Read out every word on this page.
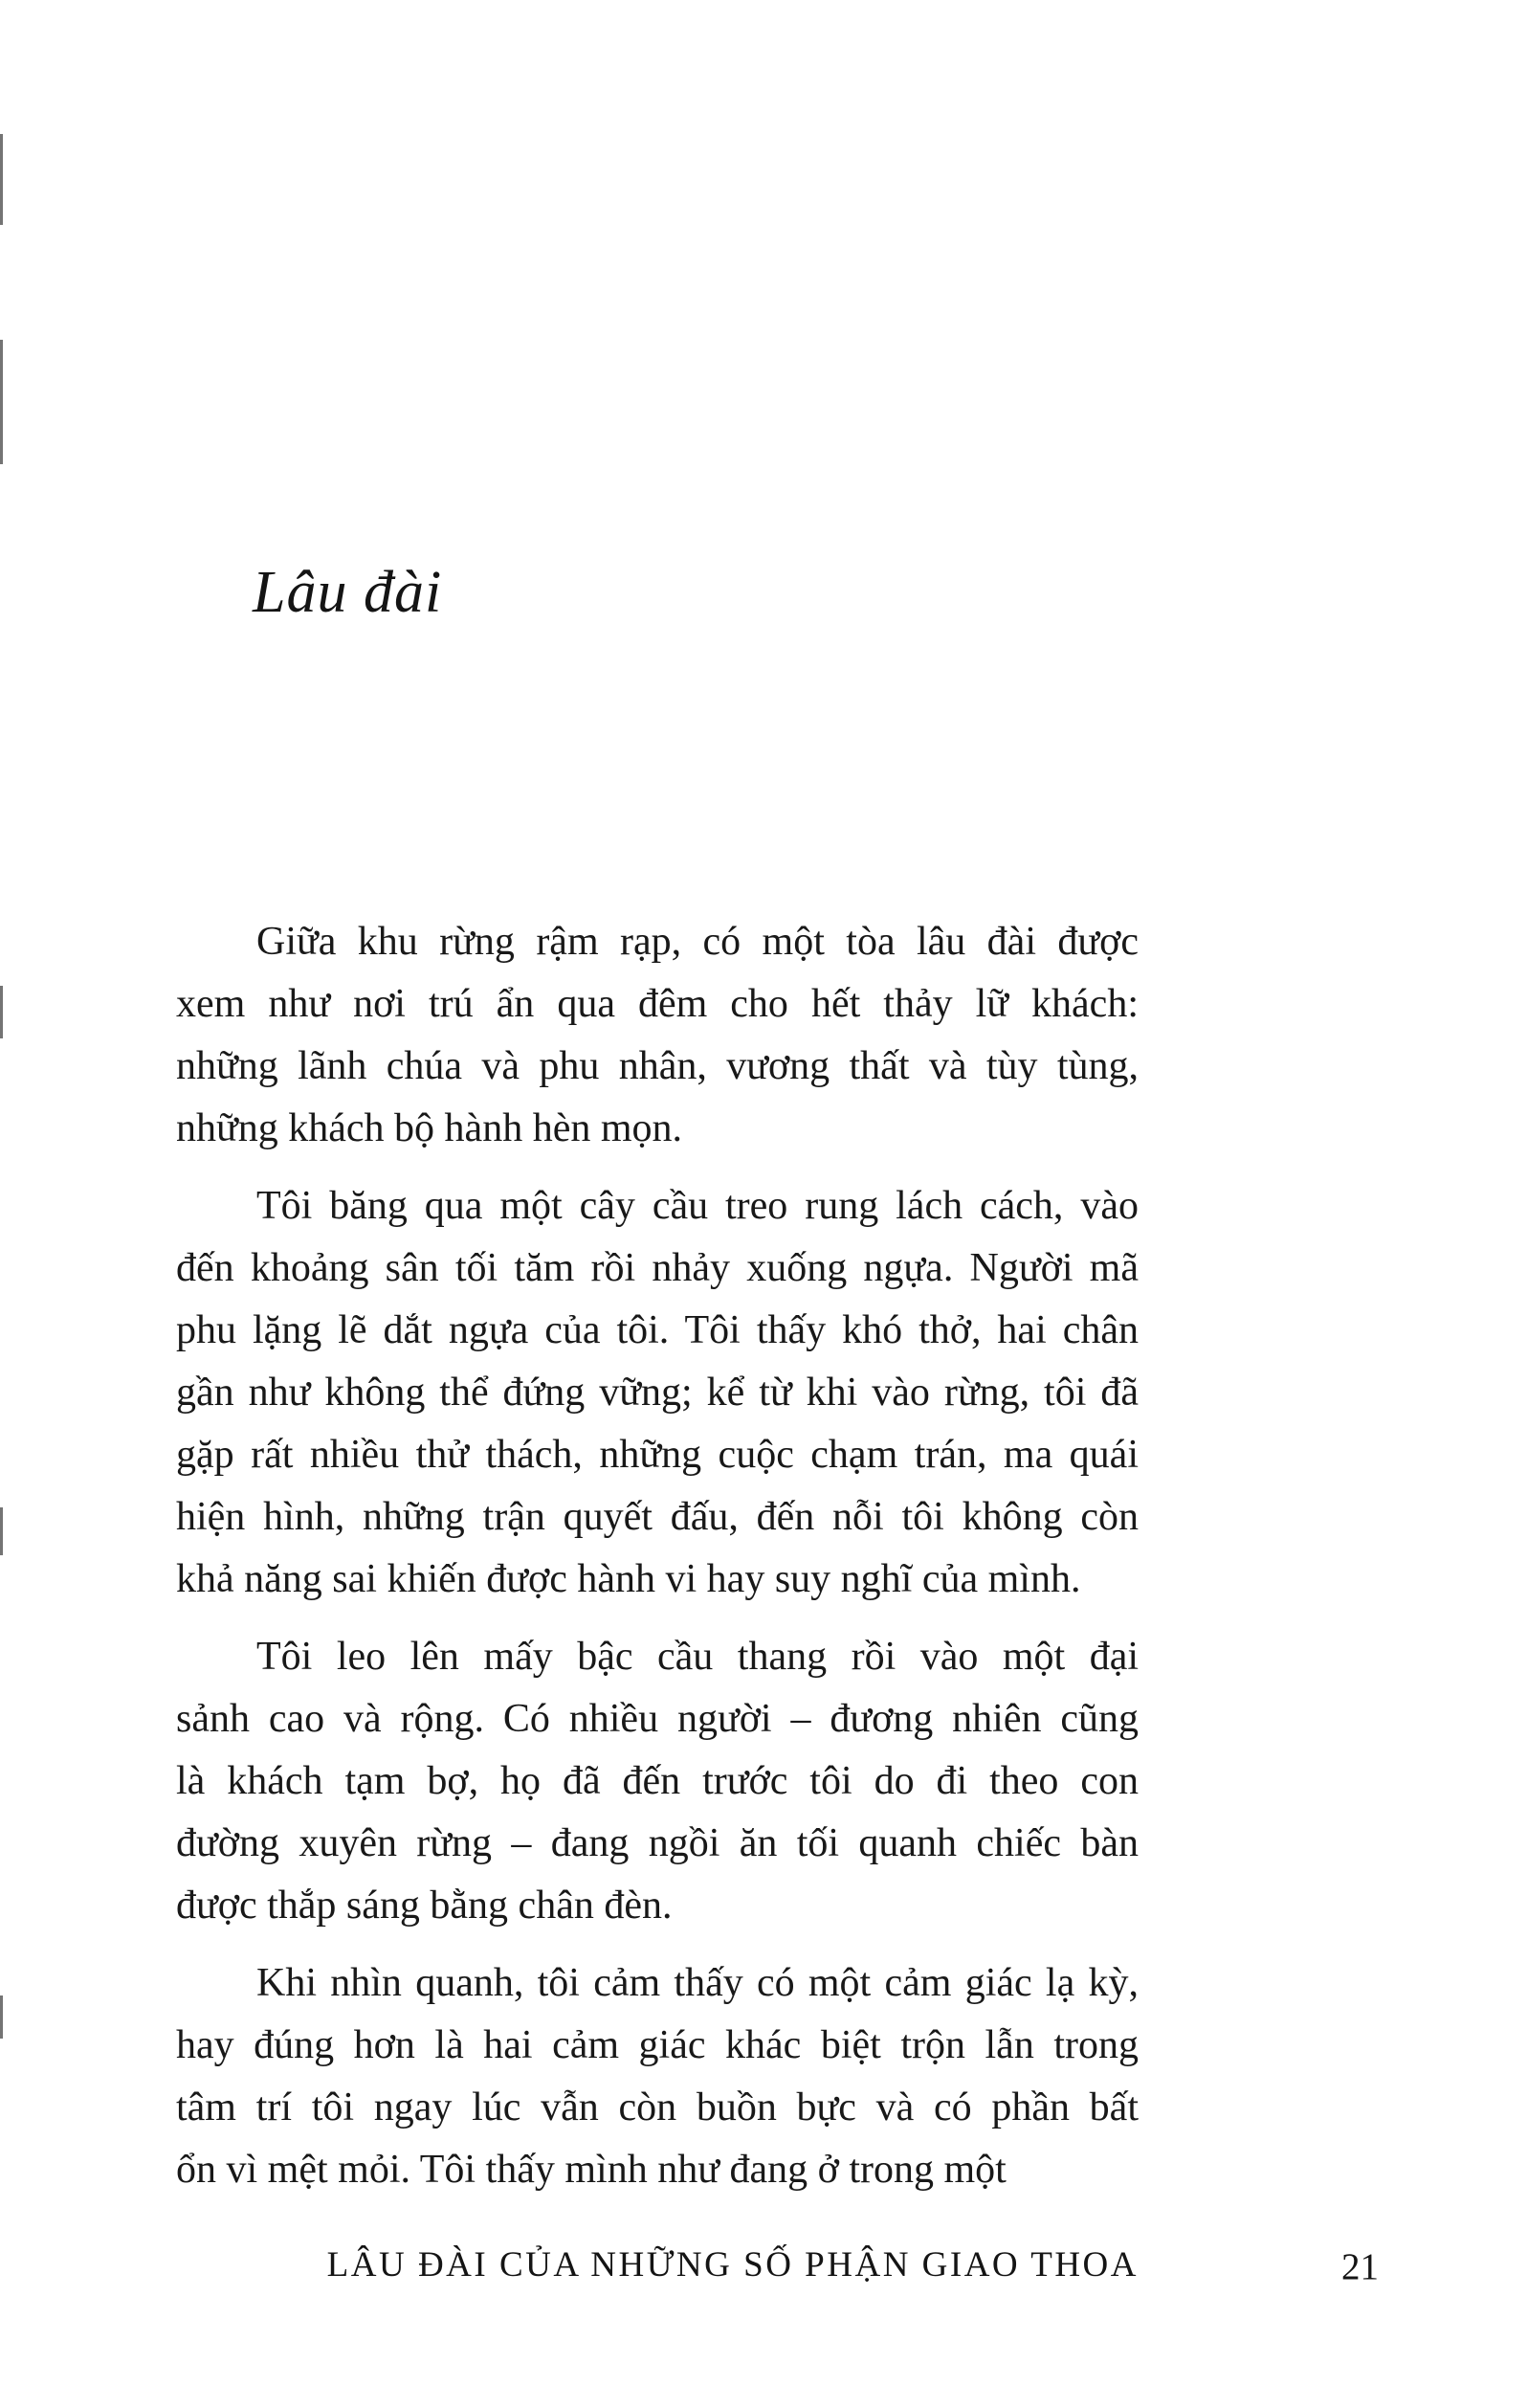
Lâu đài
Giữa khu rừng rậm rạp, có một tòa lâu đài được
xem như nơi trú ẩn qua đêm cho hết thảy lữ khách:
những lãnh chúa và phu nhân, vương thất và tùy tùng,
những khách bộ hành hèn mọn.
Tôi băng qua một cây cầu treo rung lách cách, vào
đến khoảng sân tối tăm rồi nhảy xuống ngựa. Người mã
phu lặng lẽ dắt ngựa của tôi. Tôi thấy khó thở, hai chân
gần như không thể đứng vững; kể từ khi vào rừng, tôi đã
gặp rất nhiều thử thách, những cuộc chạm trán, ma quái
hiện hình, những trận quyết đấu, đến nỗi tôi không còn
khả năng sai khiến được hành vi hay suy nghĩ của mình.
Tôi leo lên mấy bậc cầu thang rồi vào một đại
sảnh cao và rộng. Có nhiều người – đương nhiên cũng
là khách tạm bợ, họ đã đến trước tôi do đi theo con
đường xuyên rừng – đang ngồi ăn tối quanh chiếc bàn
được thắp sáng bằng chân đèn.
Khi nhìn quanh, tôi cảm thấy có một cảm giác lạ kỳ,
hay đúng hơn là hai cảm giác khác biệt trộn lẫn trong
tâm trí tôi ngay lúc vẫn còn buồn bực và có phần bất
ổn vì mệt mỏi. Tôi thấy mình như đang ở trong một
LÂU ĐÀI CỦA NHỮNG SỐ PHẬN GIAO THOA	21
